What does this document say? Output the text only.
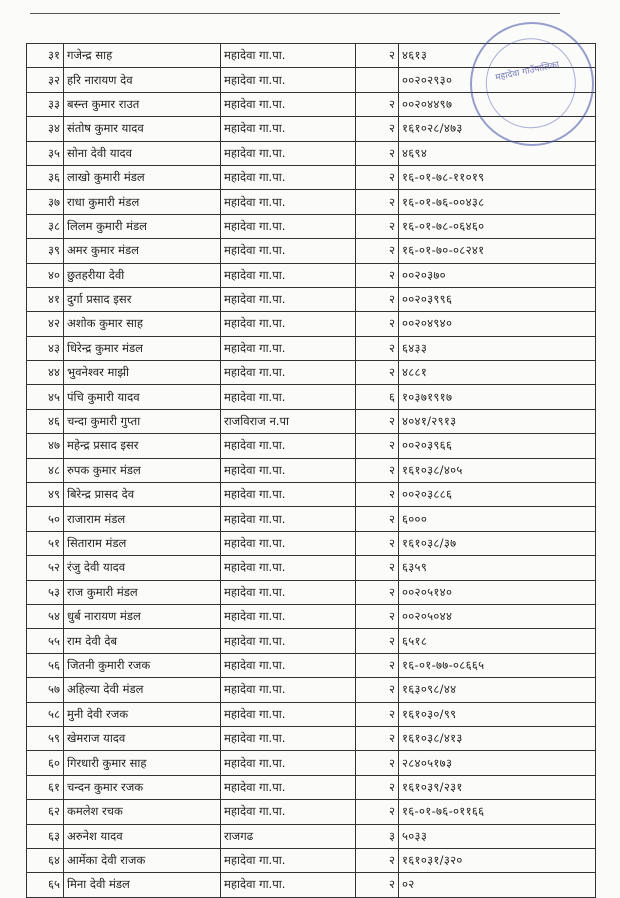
३१	गजेन्द्र साह	महादेवा गा.पा.	२	४६१३
३२	हरि नारायण देव	महादेवा गा.पा.		००२०२९३०
३३	बस्न्त कुमार राउत	महादेवा गा.पा.	२	००२०४४९७
३४	संतोष कुमार यादव	महादेवा गा.पा.	२	१६१०२८/४७३
३५	सोना देवी यादव	महादेवा गा.पा.	२	४६९४
३६	लाखो कुमारी मंडल	महादेवा गा.पा.	२	१६-०१-७८-११०१९
३७	राधा कुमारी मंडल	महादेवा गा.पा.	२	१६-०१-७६-००४३८
३८	लिलम कुमारी मंडल	महादेवा गा.पा.	२	१६-०१-७८-०६४६०
३९	अमर कुमार मंडल	महादेवा गा.पा.	२	१६-०१-७०-०८२४१
४०	छुतहरीया देवी	महादेवा गा.पा.	२	००२०३७०
४१	दुर्गा प्रसाद इसर	महादेवा गा.पा.	२	००२०३९९६
४२	अशोक कुमार साह	महादेवा गा.पा.	२	००२०४९४०
४३	धिरेन्द्र कुमार मंडल	महादेवा गा.पा.	२	६४३३
४४	भुवनेश्वर माझी	महादेवा गा.पा.	२	४८८१
४५	पंचि कुमारी यादव	महादेवा गा.पा.	६	१०३७१९१७
४६	चन्दा कुमारी गुप्ता	राजविराज न.पा	२	४०४१/२९१३
४७	महेन्द्र प्रसाद इसर	महादेवा गा.पा.	२	००२०३९६६
४८	रुपक कुमार मंडल	महादेवा गा.पा.	२	१६१०३८/४०५
४९	बिरेन्द्र प्रासद देव	महादेवा गा.पा.	२	००२०३८८६
५०	राजाराम मंडल	महादेवा गा.पा.	२	६०००
५१	सिताराम मंडल	महादेवा गा.पा.	२	१६१०३८/३७
५२	रंजु देवी यादव	महादेवा गा.पा.	२	६३५९
५३	राज कुमारी मंडल	महादेवा गा.पा.	२	००२०५१४०
५४	धुर्ब नारायण मंडल	महादेवा गा.पा.	२	००२०५०४४
५५	राम देवी देब	महादेवा गा.पा.	२	६५१८
५६	जितनी कुमारी रजक	महादेवा गा.पा.	२	१६-०१-७७-०८६६५
५७	अहिल्या देवी मंडल	महादेवा गा.पा.	२	१६३०९८/४४
५८	मुनी देवी रजक	महादेवा गा.पा.	२	१६१०३०/९९
५९	खेमराज यादव	महादेवा गा.पा.	२	१६१०३८/४१३
६०	गिरधारी कुमार साह	महादेवा गा.पा.	२	२८४०५१७३
६१	चन्दन कुमार रजक	महादेवा गा.पा.	२	१६१०३९/२३१
६२	कमलेश रचक	महादेवा गा.पा.	२	१६-०१-७६-०११६६
६३	अरुनेश यादव	राजगढ	३	५०३३
६४	आर्मेका देवी राजक	महादेवा गा.पा.	२	१६१०३१/३२०
६५	मिना देवी मंडल	महादेवा गा.पा.	२	०२
महादेवा गाउँपालिका
